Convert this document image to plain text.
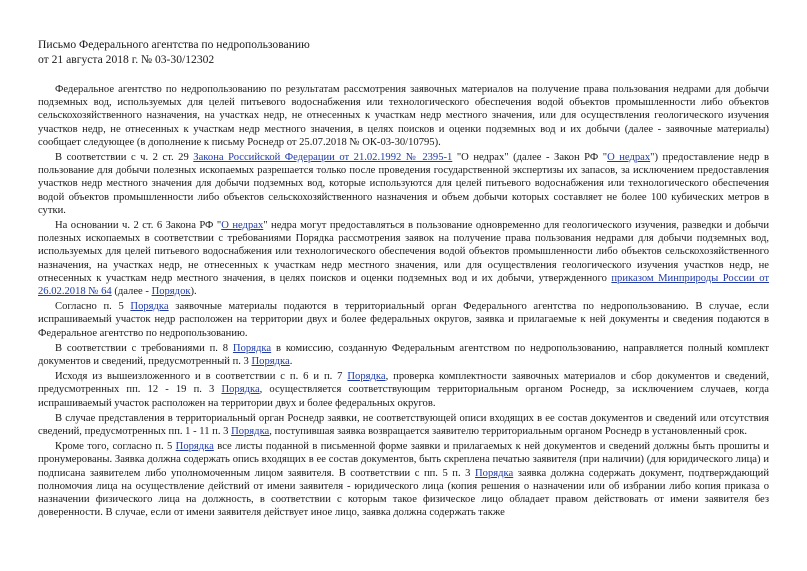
Письмо Федерального агентства по недропользованию
от 21 августа 2018 г. № 03-30/12302

Федеральное агентство по недропользованию по результатам рассмотрения заявочных материалов на получение права пользования недрами для добычи подземных вод, используемых для целей питьевого водоснабжения или технологического обеспечения водой объектов промышленности либо объектов сельскохозяйственного назначения, на участках недр, не отнесенных к участкам недр местного значения, или для осуществления геологического изучения участков недр, не отнесенных к участкам недр местного значения, в целях поисков и оценки подземных вод и их добычи (далее - заявочные материалы) сообщает следующее (в дополнение к письму Роснедр от 25.07.2018 № ОК-03-30/10795).

В соответствии с ч. 2 ст. 29 Закона Российской Федерации от 21.02.1992 № 2395-1 "О недрах" (далее - Закон РФ "О недрах") предоставление недр в пользование для добычи полезных ископаемых разрешается только после проведения государственной экспертизы их запасов, за исключением предоставления участков недр местного значения для добычи подземных вод, которые используются для целей питьевого водоснабжения или технологического обеспечения водой объектов промышленности либо объектов сельскохозяйственного назначения и объем добычи которых составляет не более 100 кубических метров в сутки.

На основании ч. 2 ст. 6 Закона РФ "О недрах" недра могут предоставляться в пользование одновременно для геологического изучения, разведки и добычи полезных ископаемых в соответствии с требованиями Порядка рассмотрения заявок на получение права пользования недрами для добычи подземных вод, используемых для целей питьевого водоснабжения или технологического обеспечения водой объектов промышленности либо объектов сельскохозяйственного назначения, на участках недр, не отнесенных к участкам недр местного значения, или для осуществления геологического изучения участков недр, не отнесенных к участкам недр местного значения, в целях поисков и оценки подземных вод и их добычи, утвержденного приказом Минприроды России от 26.02.2018 № 64 (далее - Порядок).

Согласно п. 5 Порядка заявочные материалы подаются в территориальный орган Федерального агентства по недропользованию. В случае, если испрашиваемый участок недр расположен на территории двух и более федеральных округов, заявка и прилагаемые к ней документы и сведения подаются в Федеральное агентство по недропользованию.

В соответствии с требованиями п. 8 Порядка в комиссию, созданную Федеральным агентством по недропользованию, направляется полный комплект документов и сведений, предусмотренный п. 3 Порядка.

Исходя из вышеизложенного и в соответствии с п. 6 и п. 7 Порядка, проверка комплектности заявочных материалов и сбор документов и сведений, предусмотренных пп. 12 - 19 п. 3 Порядка, осуществляется соответствующим территориальным органом Роснедр, за исключением случаев, когда испрашиваемый участок расположен на территории двух и более федеральных округов.

В случае представления в территориальный орган Роснедр заявки, не соответствующей описи входящих в ее состав документов и сведений или отсутствия сведений, предусмотренных пп. 1 - 11 п. 3 Порядка, поступившая заявка возвращается заявителю территориальным органом Роснедр в установленный срок.

Кроме того, согласно п. 5 Порядка все листы поданной в письменной форме заявки и прилагаемых к ней документов и сведений должны быть прошиты и пронумерованы. Заявка должна содержать опись входящих в ее состав документов, быть скреплена печатью заявителя (при наличии) (для юридического лица) и подписана заявителем либо уполномоченным лицом заявителя. В соответствии с пп. 5 п. 3 Порядка заявка должна содержать документ, подтверждающий полномочия лица на осуществление действий от имени заявителя - юридического лица (копия решения о назначении или об избрании либо копия приказа о назначении физического лица на должность, в соответствии с которым такое физическое лицо обладает правом действовать от имени заявителя без доверенности. В случае, если от имени заявителя действует иное лицо, заявка должна содержать также
